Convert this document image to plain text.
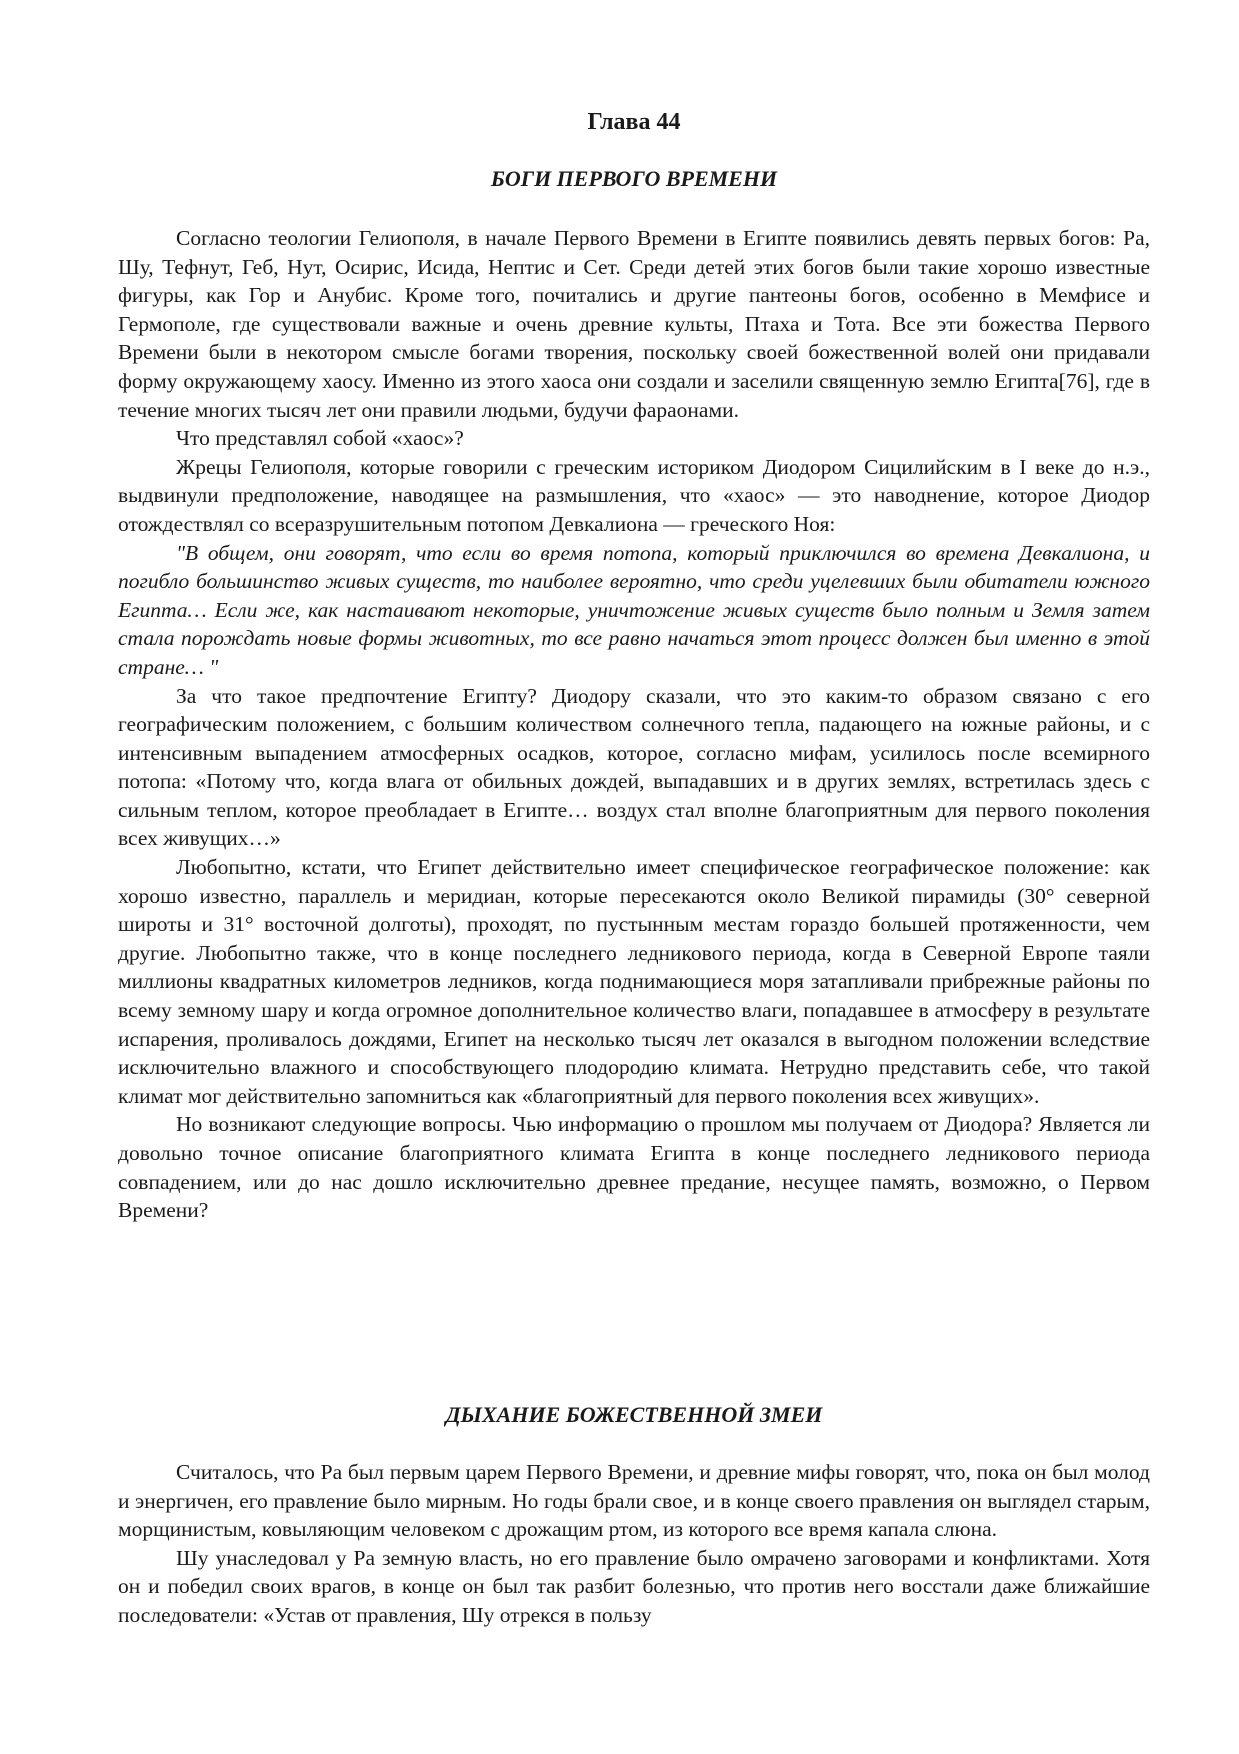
Глава 44
БОГИ ПЕРВОГО ВРЕМЕНИ

Согласно теологии Гелиополя, в начале Первого Времени в Египте появились девять первых богов: Ра, Шу, Тефнут, Геб, Нут, Осирис, Исида, Нептис и Сет. Среди детей этих богов были такие хорошо известные фигуры, как Гор и Анубис. Кроме того, почитались и другие пантеоны богов, особенно в Мемфисе и Гермополе, где существовали важные и очень древние культы, Птаха и Тота. Все эти божества Первого Времени были в некотором смысле богами творения, поскольку своей божественной волей они придавали форму окружающему хаосу. Именно из этого хаоса они создали и заселили священную землю Египта[76], где в течение многих тысяч лет они правили людьми, будучи фараонами.

Что представлял собой «хаос»?

Жрецы Гелиополя, которые говорили с греческим историком Диодором Сицилийским в I веке до н.э., выдвинули предположение, наводящее на размышления, что «хаос» — это наводнение, которое Диодор отождествлял со всеразрушительным потопом Девкалиона — греческого Ноя:

"В общем, они говорят, что если во время потопа, который приключился во времена Девкалиона, и погибло большинство живых существ, то наиболее вероятно, что среди уцелевших были обитатели южного Египта… Если же, как настаивают некоторые, уничтожение живых существ было полным и Земля затем стала порождать новые формы животных, то все равно начаться этот процесс должен был именно в этой стране… "

За что такое предпочтение Египту? Диодору сказали, что это каким-то образом связано с его географическим положением, с большим количеством солнечного тепла, падающего на южные районы, и с интенсивным выпадением атмосферных осадков, которое, согласно мифам, усилилось после всемирного потопа: «Потому что, когда влага от обильных дождей, выпадавших и в других землях, встретилась здесь с сильным теплом, которое преобладает в Египте… воздух стал вполне благоприятным для первого поколения всех живущих…»

Любопытно, кстати, что Египет действительно имеет специфическое географическое положение: как хорошо известно, параллель и меридиан, которые пересекаются около Великой пирамиды (30° северной широты и 31° восточной долготы), проходят, по пустынным местам гораздо большей протяженности, чем другие. Любопытно также, что в конце последнего ледникового периода, когда в Северной Европе таяли миллионы квадратных километров ледников, когда поднимающиеся моря затапливали прибрежные районы по всему земному шару и когда огромное дополнительное количество влаги, попадавшее в атмосферу в результате испарения, проливалось дождями, Египет на несколько тысяч лет оказался в выгодном положении вследствие исключительно влажного и способствующего плодородию климата. Нетрудно представить себе, что такой климат мог действительно запомниться как «благоприятный для первого поколения всех живущих».

Но возникают следующие вопросы. Чью информацию о прошлом мы получаем от Диодора? Является ли довольно точное описание благоприятного климата Египта в конце последнего ледникового периода совпадением, или до нас дошло исключительно древнее предание, несущее память, возможно, о Первом Времени?

ДЫХАНИЕ БОЖЕСТВЕННОЙ ЗМЕИ

Считалось, что Ра был первым царем Первого Времени, и древние мифы говорят, что, пока он был молод и энергичен, его правление было мирным. Но годы брали свое, и в конце своего правления он выглядел старым, морщинистым, ковыляющим человеком с дрожащим ртом, из которого все время капала слюна.

Шу унаследовал у Ра земную власть, но его правление было омрачено заговорами и конфликтами. Хотя он и победил своих врагов, в конце он был так разбит болезнью, что против него восстали даже ближайшие последователи: «Устав от правления, Шу отрекся в пользу
